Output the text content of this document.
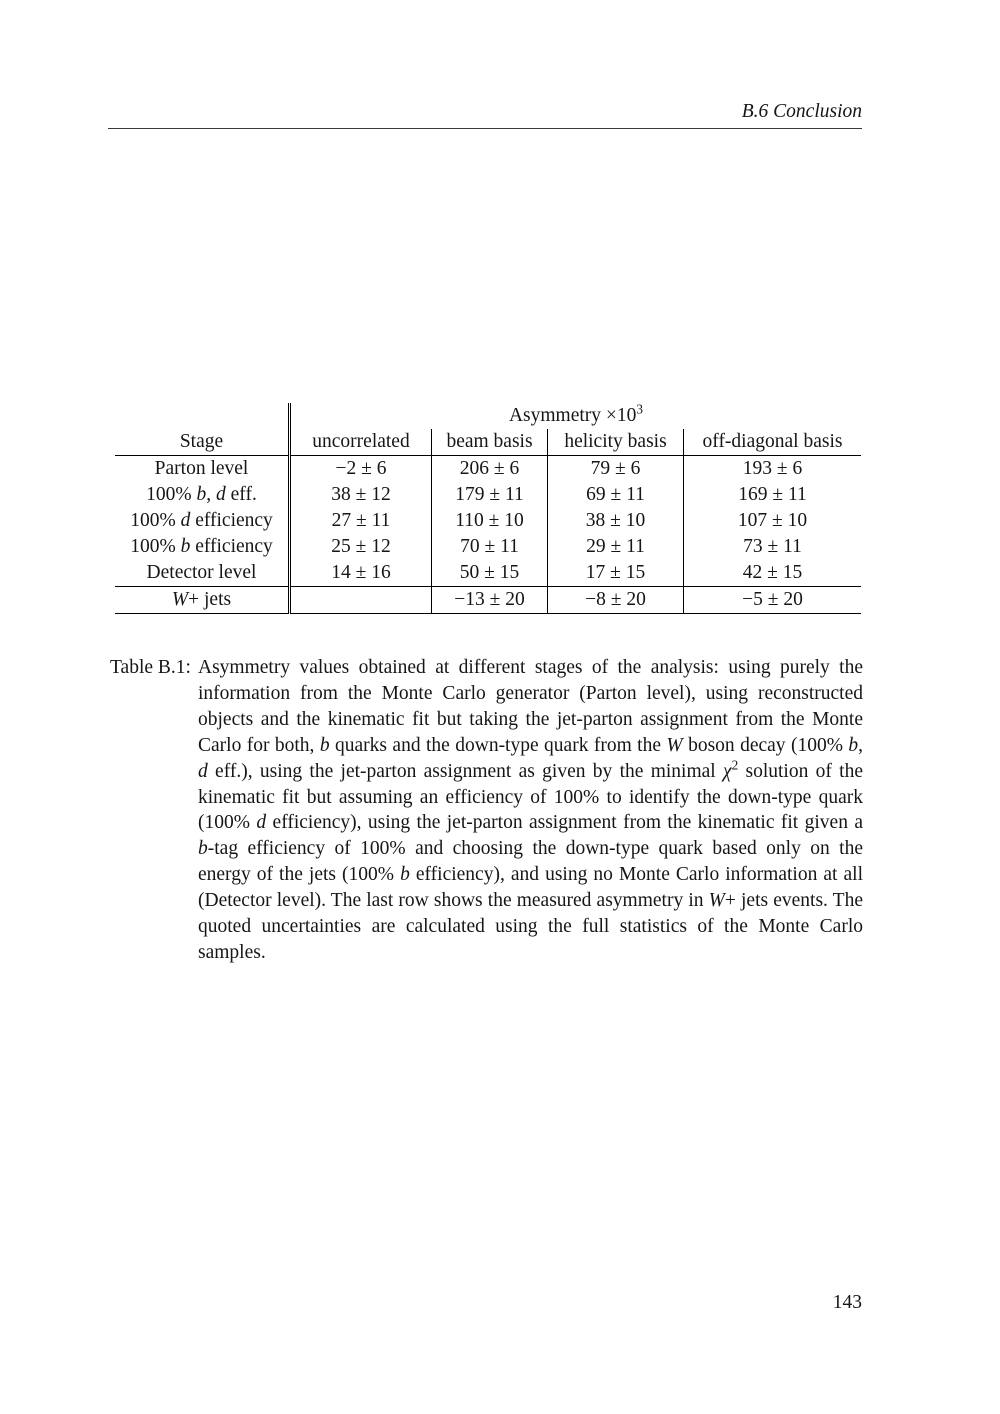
B.6 Conclusion
	Asymmetry $\times 10^3$
Stage	uncorrelated	beam basis	helicity basis	off-diagonal basis
Parton level	−2 ± 6	206 ± 6	79 ± 6	193 ± 6
100% b, d eff.	38 ± 12	179 ± 11	69 ± 11	169 ± 11
100% d efficiency	27 ± 11	110 ± 10	38 ± 10	107 ± 10
100% b efficiency	25 ± 12	70 ± 11	29 ± 11	73 ± 11
Detector level	14 ± 16	50 ± 15	17 ± 15	42 ± 15
W+ jets		−13 ± 20	−8 ± 20	−5 ± 20
Table B.1: Asymmetry values obtained at different stages of the analysis: using purely the information from the Monte Carlo generator (Parton level), using reconstructed objects and the kinematic fit but taking the jet-parton assignment from the Monte Carlo for both, b quarks and the down-type quark from the W boson decay (100% b, d eff.), using the jet-parton assignment as given by the minimal $\chi^2$ solution of the kinematic fit but assuming an efficiency of 100% to identify the down-type quark (100% d efficiency), using the jet-parton assignment from the kinematic fit given a b-tag efficiency of 100% and choosing the down-type quark based only on the energy of the jets (100% b efficiency), and using no Monte Carlo information at all (Detector level). The last row shows the measured asymmetry in W+ jets events. The quoted uncertainties are calculated using the full statistics of the Monte Carlo samples.
143
